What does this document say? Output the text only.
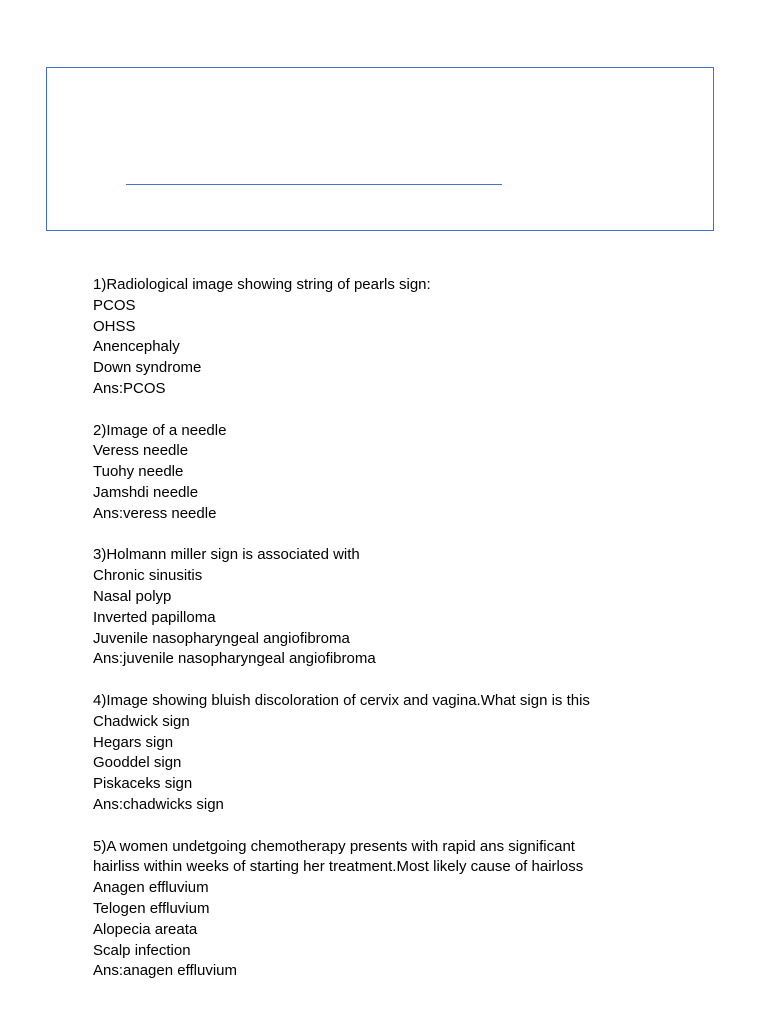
1)Radiological image showing string of pearls sign:
PCOS
OHSS
Anencephaly
Down syndrome
Ans:PCOS
2)Image of a needle
Veress needle
Tuohy needle
Jamshdi needle
Ans:veress needle
3)Holmann miller sign is associated with
Chronic sinusitis
Nasal polyp
Inverted papilloma
Juvenile nasopharyngeal angiofibroma
Ans:juvenile nasopharyngeal angiofibroma
4)Image showing bluish discoloration of cervix and vagina.What sign is this
Chadwick sign
Hegars sign
Gooddel sign
Piskaceks sign
Ans:chadwicks sign
5)A women undetgoing chemotherapy presents with rapid ans significant
hairliss within weeks of starting her treatment.Most likely cause of hairloss
Anagen effluvium
Telogen effluvium
Alopecia areata
Scalp infection
Ans:anagen effluvium
